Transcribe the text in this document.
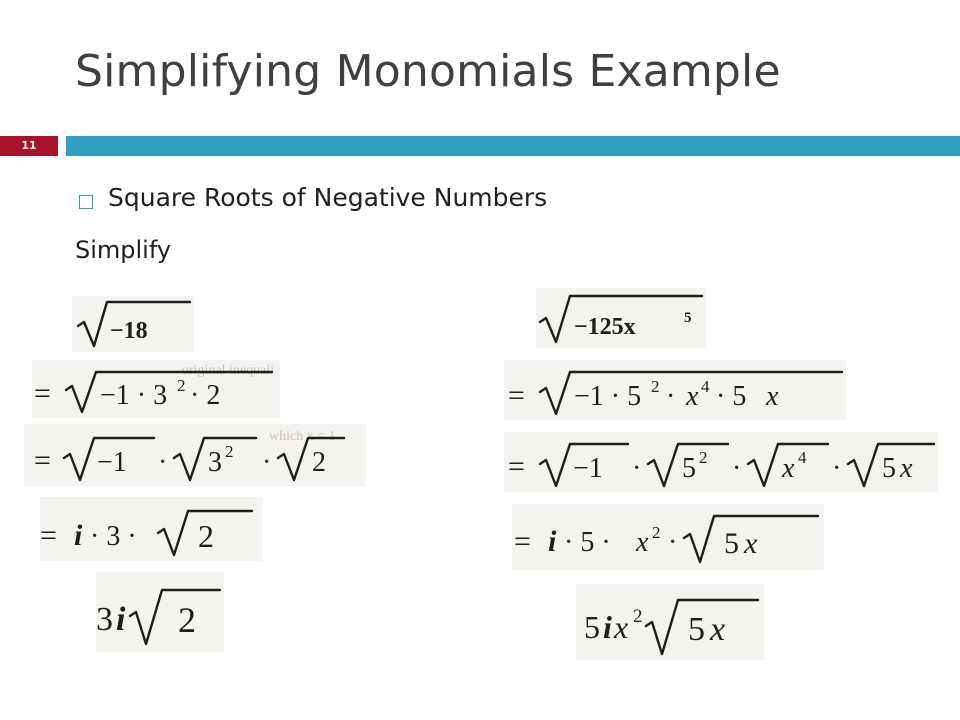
Simplifying Monomials Example
11
Square Roots of Negative Numbers
Simplify
−18
original inequali
= −1 · 3 2 · 2
which x = 1
= −1 · 3 2 · 2
= i · 3 · 2
3 i 2
−125x	5
= −1 · 5 2 · x 4 · 5 x
= −1 · 5 2 · x 4 · 5 x
= i · 5 · x 2 · 5 x
5 i x 2 5 x
